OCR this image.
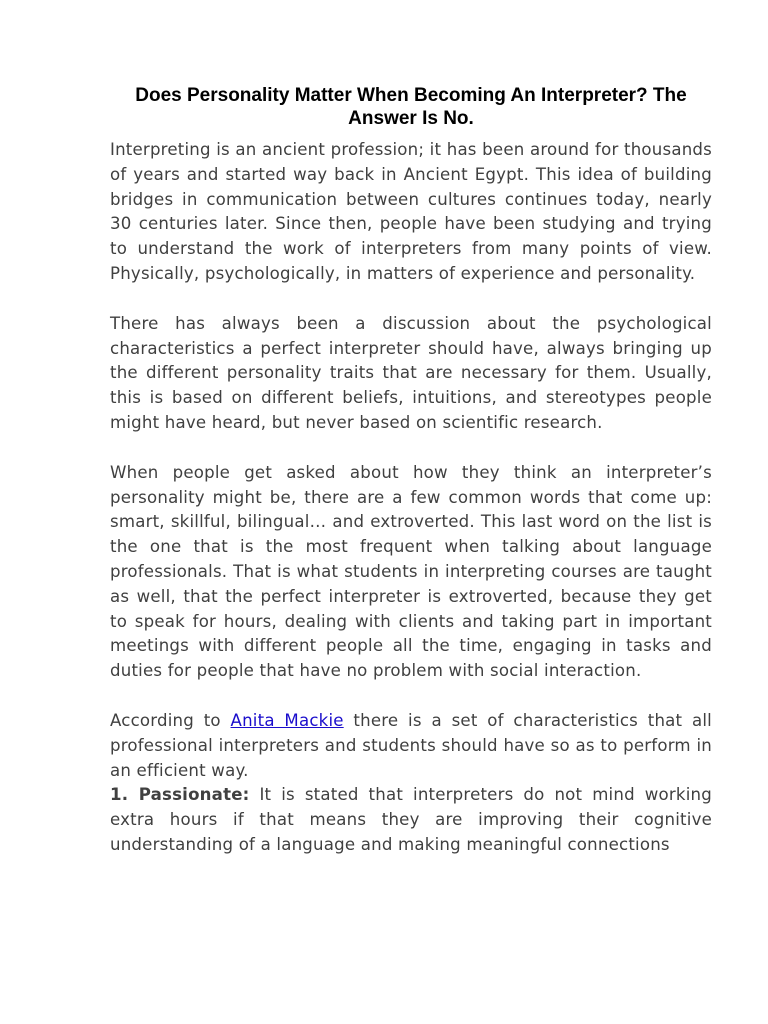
Does Personality Matter When Becoming An Interpreter? The Answer Is No.

Interpreting is an ancient profession; it has been around for thousands of years and started way back in Ancient Egypt. This idea of building bridges in communication between cultures continues today, nearly 30 centuries later. Since then, people have been studying and trying to understand the work of interpreters from many points of view. Physically, psychologically, in matters of experience and personality.

There has always been a discussion about the psychological characteristics a perfect interpreter should have, always bringing up the different personality traits that are necessary for them. Usually, this is based on different beliefs, intuitions, and stereotypes people might have heard, but never based on scientific research.

When people get asked about how they think an interpreter’s personality might be, there are a few common words that come up: smart, skillful, bilingual… and extroverted. This last word on the list is the one that is the most frequent when talking about language professionals. That is what students in interpreting courses are taught as well, that the perfect interpreter is extroverted, because they get to speak for hours, dealing with clients and taking part in important meetings with different people all the time, engaging in tasks and duties for people that have no problem with social interaction.

According to Anita Mackie there is a set of characteristics that all professional interpreters and students should have so as to perform in an efficient way.

1. Passionate: It is stated that interpreters do not mind working extra hours if that means they are improving their cognitive understanding of a language and making meaningful connections
